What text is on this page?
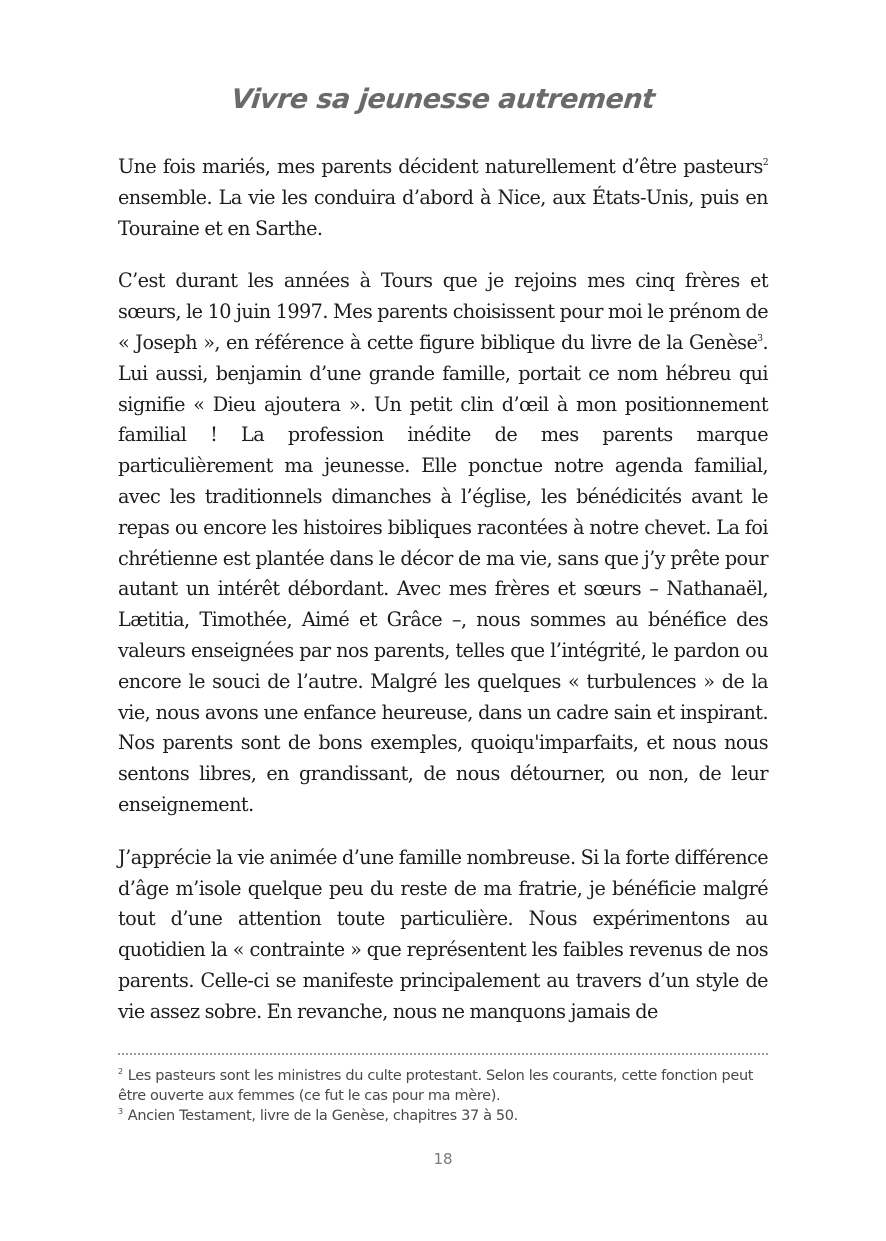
Vivre sa jeunesse autrement

Une fois mariés, mes parents décident naturellement d’être pasteurs$^2$ ensemble. La vie les conduira d’abord à Nice, aux États-Unis, puis en Touraine et en Sarthe.

C’est durant les années à Tours que je rejoins mes cinq frères et sœurs, le 10 juin 1997. Mes parents choisissent pour moi le prénom de « Joseph », en référence à cette figure biblique du livre de la Genèse$^3$. Lui aussi, benjamin d’une grande famille, portait ce nom hébreu qui signifie « Dieu ajoutera ». Un petit clin d’œil à mon positionnement familial ! La profession inédite de mes parents marque particulièrement ma jeunesse. Elle ponctue notre agenda familial, avec les traditionnels dimanches à l’église, les bénédicités avant le repas ou encore les histoires bibliques racontées à notre chevet. La foi chrétienne est plantée dans le décor de ma vie, sans que j’y prête pour autant un intérêt débordant. Avec mes frères et sœurs – Nathanaël, Lætitia, Timothée, Aimé et Grâce –, nous sommes au bénéfice des valeurs enseignées par nos parents, telles que l’intégrité, le pardon ou encore le souci de l’autre. Malgré les quelques « turbulences » de la vie, nous avons une enfance heureuse, dans un cadre sain et inspirant. Nos parents sont de bons exemples, quoiqu'imparfaits, et nous nous sentons libres, en grandissant, de nous détourner, ou non, de leur enseignement.

J’apprécie la vie animée d’une famille nombreuse. Si la forte différence d’âge m’isole quelque peu du reste de ma fratrie, je bénéficie malgré tout d’une attention toute particulière. Nous expérimentons au quotidien la « contrainte » que représentent les faibles revenus de nos parents. Celle-ci se manifeste principalement au travers d’un style de vie assez sobre. En revanche, nous ne manquons jamais de

$^2$ Les pasteurs sont les ministres du culte protestant. Selon les courants, cette fonction peut être ouverte aux femmes (ce fut le cas pour ma mère).

$^3$ Ancien Testament, livre de la Genèse, chapitres 37 à 50.

18
